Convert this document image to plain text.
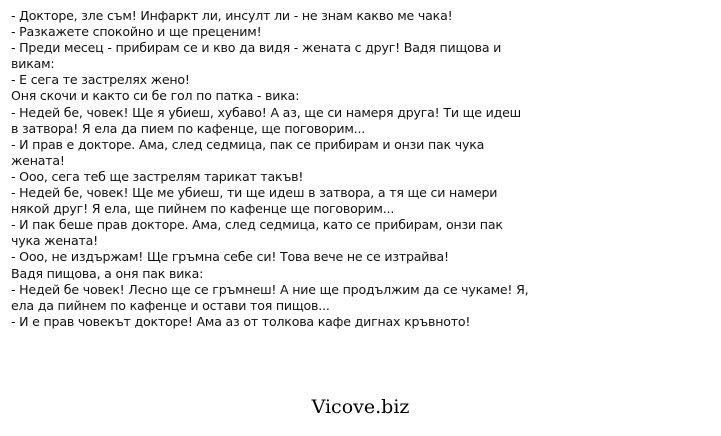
- Докторе, зле съм! Инфаркт ли, инсулт ли - не знам какво ме чака!
- Разкажете спокойно и ще преценим!
- Преди месец - прибирам се и кво да видя - жената с друг! Вадя пищова и
викам:
- Е сега те застрелях жено!
Оня скочи и както си бе гол по патка - вика:
- Недей бе, човек! Ще я убиеш, хубаво! А аз, ще си намеря друга! Ти ще идеш
в затвора! Я ела да пием по кафенце, ще поговорим...
- И прав е докторе. Ама, след седмица, пак се прибирам и онзи пак чука
жената!
- Ооо, сега теб ще застрелям тарикат такъв!
- Недей бе, човек! Ще ме убиеш, ти ще идеш в затвора, а тя ще си намери
някой друг! Я ела, ще пийнем по кафенце ще поговорим...
- И пак беше прав докторе. Ама, след седмица, като се прибирам, онзи пак
чука жената!
- Ооо, не издържам! Ще гръмна себе си! Това вече не се изтрайва!
Вадя пищова, а оня пак вика:
- Недей бе човек! Лесно ще се гръмнеш! А ние ще продължим да се чукаме! Я,
ела да пийнем по кафенце и остави тоя пищов...
- И е прав човекът докторе! Ама аз от толкова кафе дигнах кръвното!
Vicove.biz
